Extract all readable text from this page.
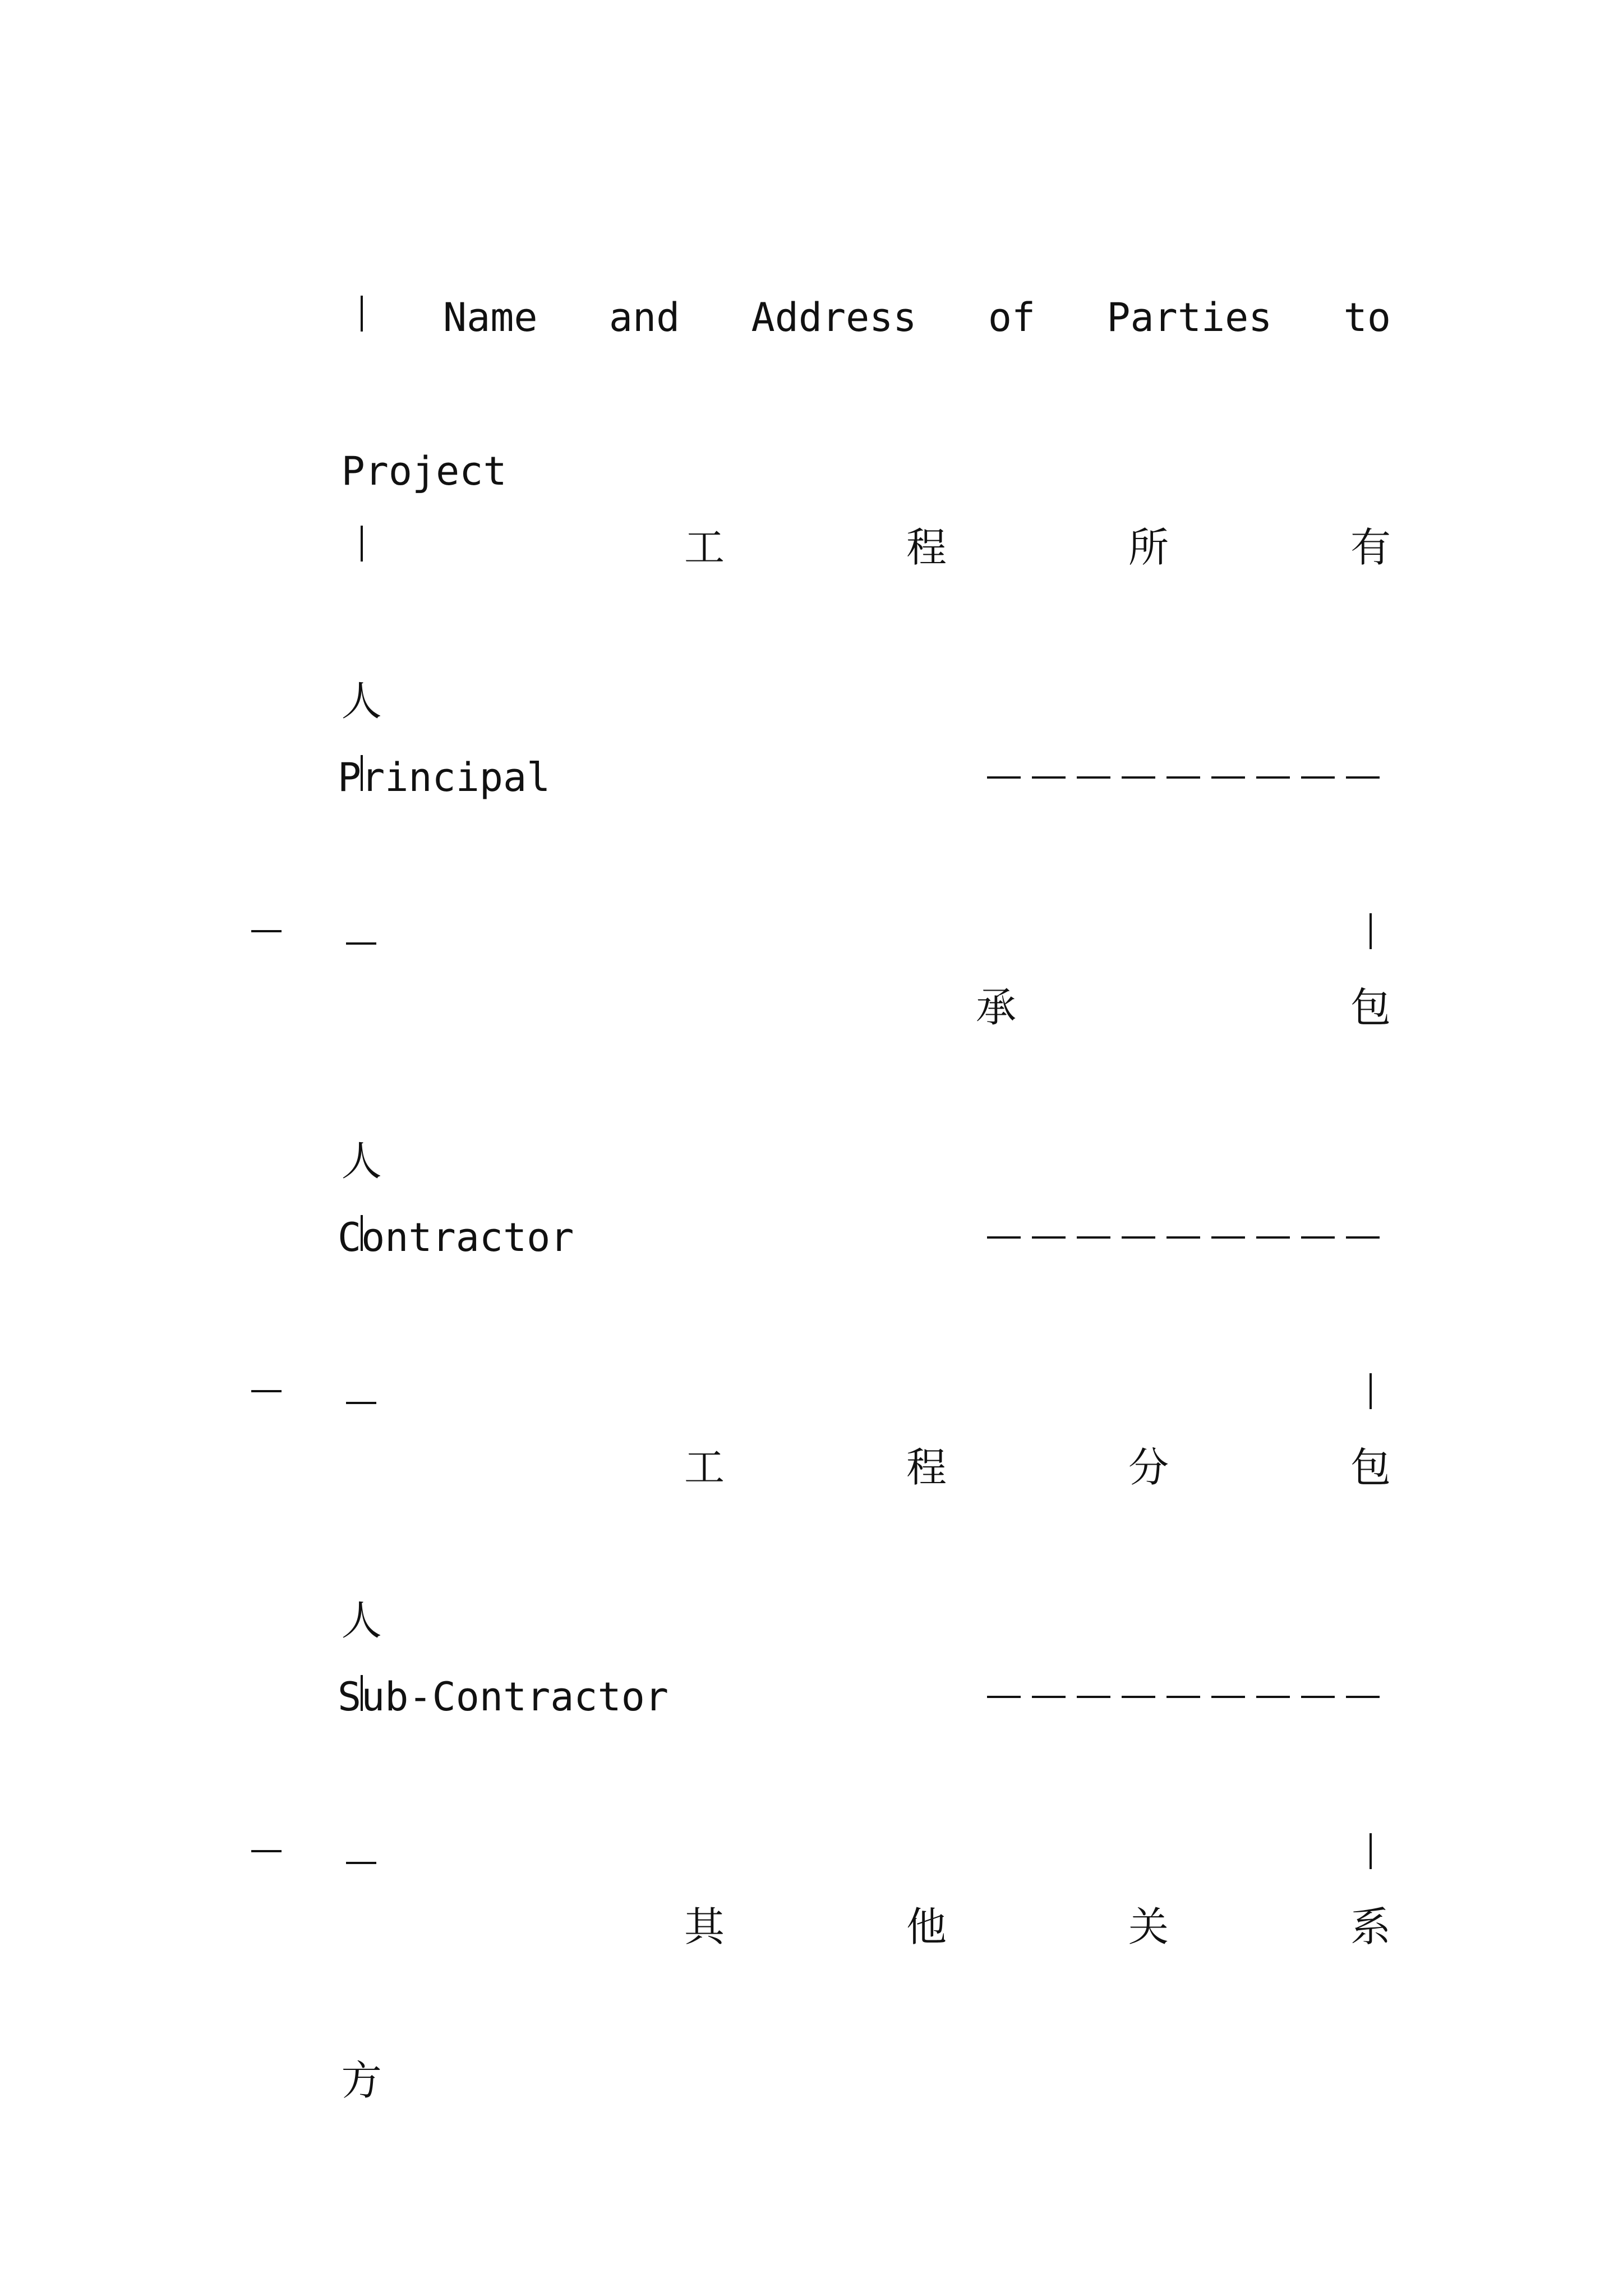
Name and Address of Parties to

Project

工	程	所	有

人

Principal

承	包

人

Contractor

工	程	分	包

人

Sub-Contractor

其	他	关	系

方
